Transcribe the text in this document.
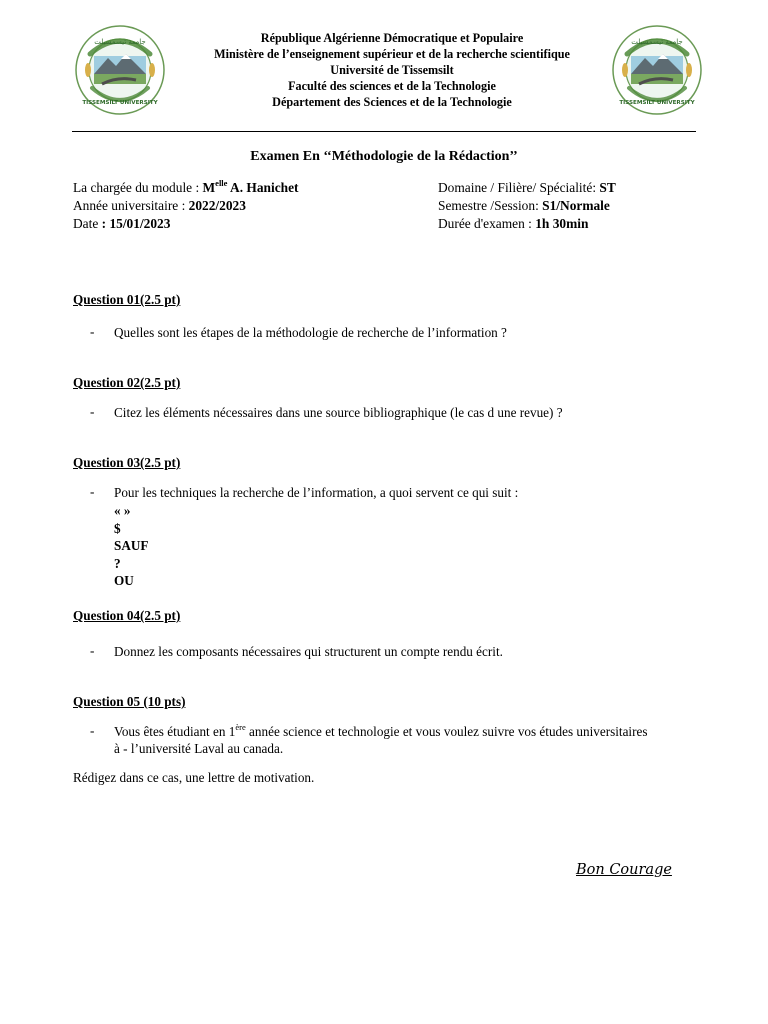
République Algérienne Démocratique et Populaire
Ministère de l’enseignement supérieur et de la recherche scientifique
Université de Tissemsilt
Faculté des sciences et de la Technologie
Département des Sciences et de la Technologie
جامعة تيسمسيلت
TISSEMSILT UNIVERSITY
جامعة تيسمسيلت
TISSEMSILT UNIVERSITY
Examen En ‘‘Méthodologie de la Rédaction’’
La chargée du module : $M^{elle}$ A. Hanichet
Année universitaire : 2022/2023
Date : 15/01/2023
Domaine / Filière/ Spécialité: ST
Semestre /Session: S1/Normale
Durée d'examen : 1h 30min
Question 01(2.5 pt)
- Quelles sont les étapes de la méthodologie de recherche de l’information ?
Question 02(2.5 pt)
- Citez les éléments nécessaires dans une source bibliographique (le cas d une revue) ?
Question 03(2.5 pt)
- Pour les techniques la recherche de l’information, a quoi servent ce qui suit :
« »
$
SAUF
?
OU
Question 04(2.5 pt)
- Donnez les composants nécessaires qui structurent un compte rendu écrit.
Question 05 (10 pts)
- Vous êtes étudiant en 1ère année science et technologie et vous voulez suivre vos études universitaires
à - l’université Laval au canada.
Rédigez dans ce cas, une lettre de motivation.
Bon Courage
